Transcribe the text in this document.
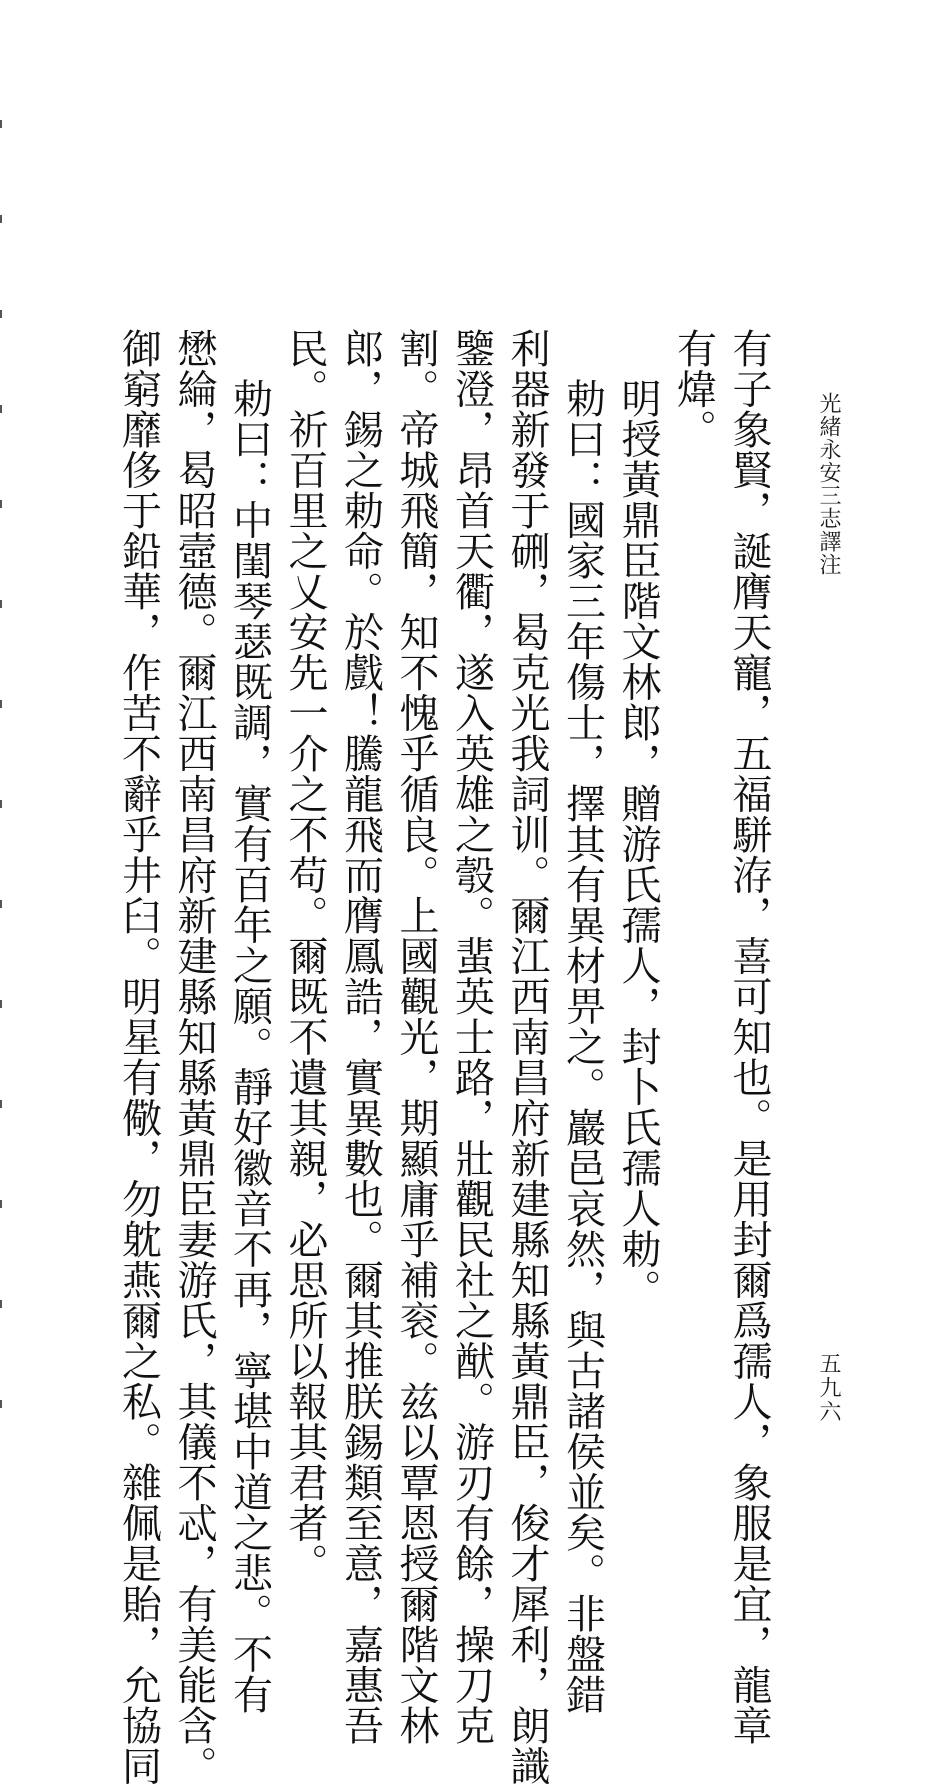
光緒永安三志譯注
五九六
有子象賢，誕膺天寵，五福駢洊，喜可知也。是用封爾爲孺人，象服是宜，龍章
有煒。
明授黃鼎臣階文林郎，贈游氏孺人，封卜氏孺人勅。
勅曰：國家三年傷士，擇其有異材畀之。巖邑哀然，與古諸侯並矣。非盤錯
利器新發于硎，曷克光我詞训。爾江西南昌府新建縣知縣黃鼎臣，俊才犀利，朗識
鑒澄，昂首天衢，遂入英雄之彀。蜚英士路，壯觀民社之猷。游刃有餘，操刀克
割。帝城飛簡，知不愧乎循良。上國觀光，期顯庸乎補衮。兹以覃恩授爾階文林
郎，錫之勅命。於戲！騰龍飛而膺鳳誥，實異數也。爾其推朕錫類至意，嘉惠吾
民。祈百里之乂安先一介之不苟。爾既不遺其親，必思所以報其君者。
勅曰：中閨琴瑟既調，實有百年之願。靜好徽音不再，寧堪中道之悲。不有
懋綸，曷昭壼德。爾江西南昌府新建縣知縣黃鼎臣妻游氏，其儀不忒，有美能含。
御窮靡侈于鉛華，作苦不辭乎井臼。明星有儆，勿躭燕爾之私。雜佩是貽，允協同
